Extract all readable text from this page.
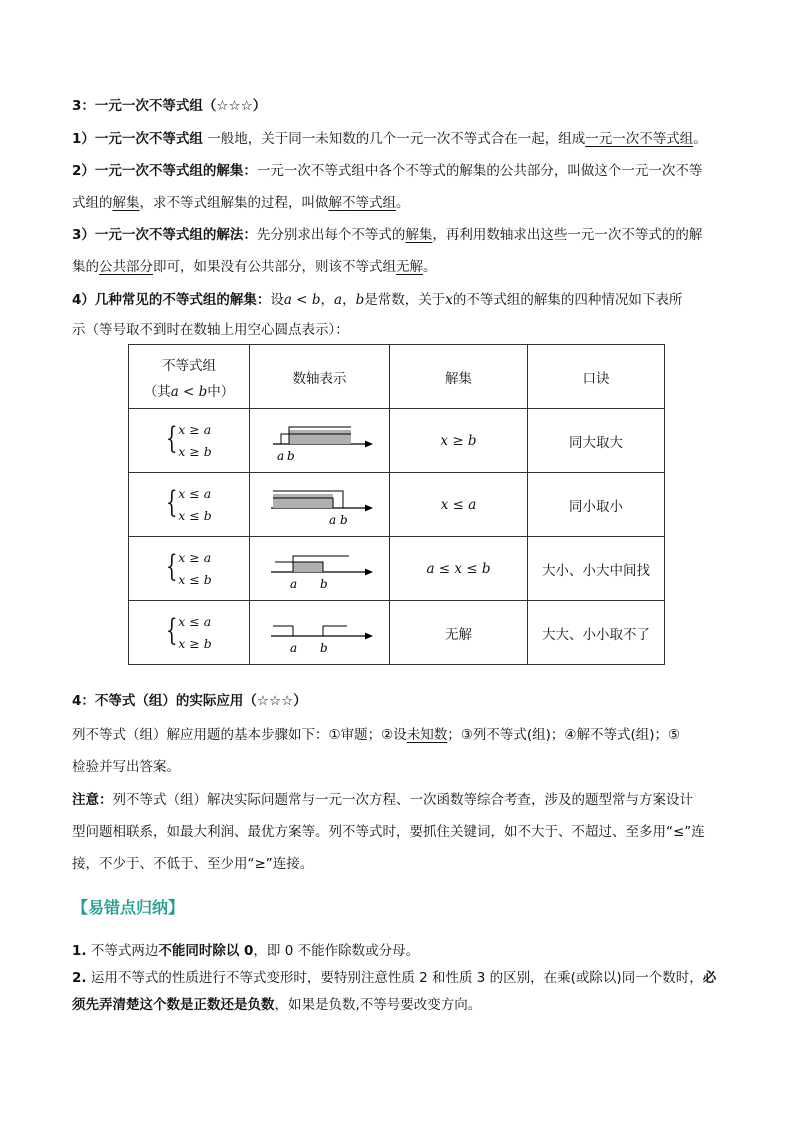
3：一元一次不等式组（☆☆☆）
1）一元一次不等式组 一般地，关于同一未知数的几个一元一次不等式合在一起，组成一元一次不等式组。
2）一元一次不等式组的解集：一元一次不等式组中各个不等式的解集的公共部分，叫做这个一元一次不等
式组的解集，求不等式组解集的过程，叫做解不等式组。
3）一元一次不等式组的解法：先分别求出每个不等式的解集，再利用数轴求出这些一元一次不等式的的解
集的公共部分即可，如果没有公共部分，则该不等式组无解。
4）几种常见的不等式组的解集：设a < b，a，b是常数，关于x的不等式组的解集的四种情况如下表所
示（等号取不到时在数轴上用空心圆点表示）：
不等式组
（其a < b中）	数轴表示	解集	口诀

{ x ≥ a
x ≥ b	a b	x ≥ b	同大取大

{ x ≤ a
x ≤ b	a b	x ≤ a	同小取小

{ x ≥ a
x ≤ b	a b	a ≤ x ≤ b	大小、小大中间找

{ x ≤ a
x ≥ b	a b	无解	大大、小小取不了
4：不等式（组）的实际应用（☆☆☆）
列不等式（组）解应用题的基本步骤如下：①审题；②设未知数；③列不等式(组)；④解不等式(组)；⑤
检验并写出答案。
注意：列不等式（组）解决实际问题常与一元一次方程、一次函数等综合考查，涉及的题型常与方案设计
型问题相联系，如最大利润、最优方案等。列不等式时，要抓住关键词，如不大于、不超过、至多用“≤”连
接，不少于、不低于、至少用“≥”连接。
【易错点归纳】
1. 不等式两边不能同时除以 0，即 0 不能作除数或分母。
2. 运用不等式的性质进行不等式变形时，要特别注意性质 2 和性质 3 的区别，在乘(或除以)同一个数时，必
须先弄清楚这个数是正数还是负数，如果是负数,不等号要改变方向。
